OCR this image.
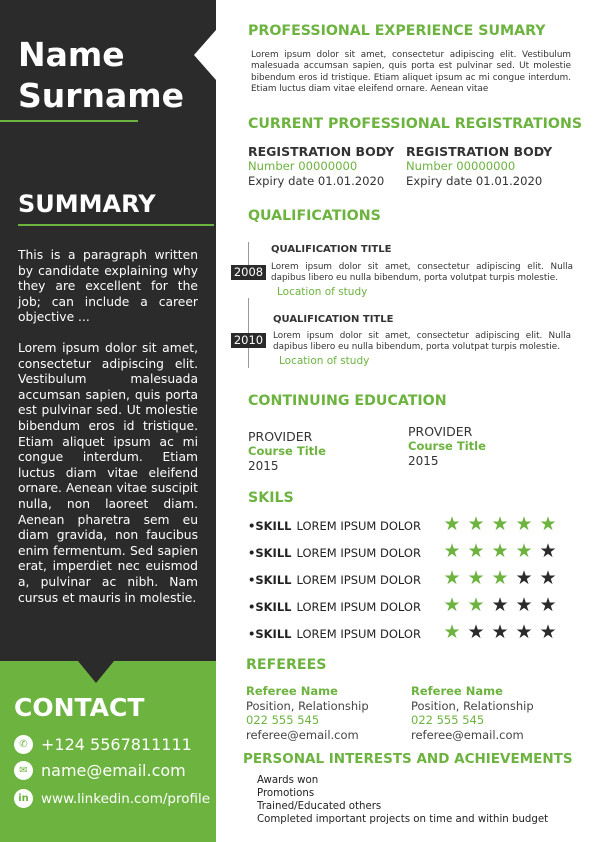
Name
Surname
SUMMARY

This is a paragraph written by candidate explaining why they are excellent for the job; can include a career objective ...

Lorem ipsum dolor sit amet, consectetur adipiscing elit. Vestibulum malesuada accumsan sapien, quis porta est pulvinar sed. Ut molestie bibendum eros id tristique. Etiam aliquet ipsum ac mi congue interdum. Etiam luctus diam vitae eleifend ornare. Aenean vitae suscipit nulla, non laoreet diam. Aenean pharetra sem eu diam gravida, non faucibus enim fermentum. Sed sapien erat, imperdiet nec euismod a, pulvinar ac nibh. Nam cursus et mauris in molestie.

CONTACT
✆ +124 5567811111
✉ name@email.com
in www.linkedin.com/profile
PROFESSIONAL EXPERIENCE SUMARY

Lorem ipsum dolor sit amet, consectetur adipiscing elit. Vestibulum malesuada accumsan sapien, quis porta est pulvinar sed. Ut molestie bibendum eros id tristique. Etiam aliquet ipsum ac mi congue interdum. Etiam luctus diam vitae eleifend ornare. Aenean vitae

CURRENT PROFESSIONAL REGISTRATIONS
REGISTRATION BODY
Number 00000000
Expiry date 01.01.2020
REGISTRATION BODY
Number 00000000
Expiry date 01.01.2020
QUALIFICATIONS
QUALIFICATION TITLE
2008 Lorem ipsum dolor sit amet, consectetur adipiscing elit. Nulla dapibus libero eu nulla bibendum, porta volutpat turpis molestie.

Location of study
QUALIFICATION TITLE
2010	Lorem ipsum dolor sit amet, consectetur adipiscing elit. Nulla dapibus libero eu nulla bibendum, porta volutpat turpis molestie.

Location of study
CONTINUING EDUCATION
PROVIDER
Course Title
2015
PROVIDER
Course Title
2015
SKILS
•SKILL LOREM IPSUM DOLOR ★ ★ ★ ★ ★
•SKILL LOREM IPSUM DOLOR ★ ★ ★ ★ ★
•SKILL LOREM IPSUM DOLOR ★ ★ ★ ★ ★
•SKILL LOREM IPSUM DOLOR ★ ★ ★ ★ ★
•SKILL LOREM IPSUM DOLOR ★ ★ ★ ★ ★
REFEREES
Referee Name
Position, Relationship
022 555 545
referee@email.com
Referee Name
Position, Relationship
022 555 545
referee@email.com
PERSONAL INTERESTS AND ACHIEVEMENTS
Awards won
Promotions
Trained/Educated others
Completed important projects on time and within budget
